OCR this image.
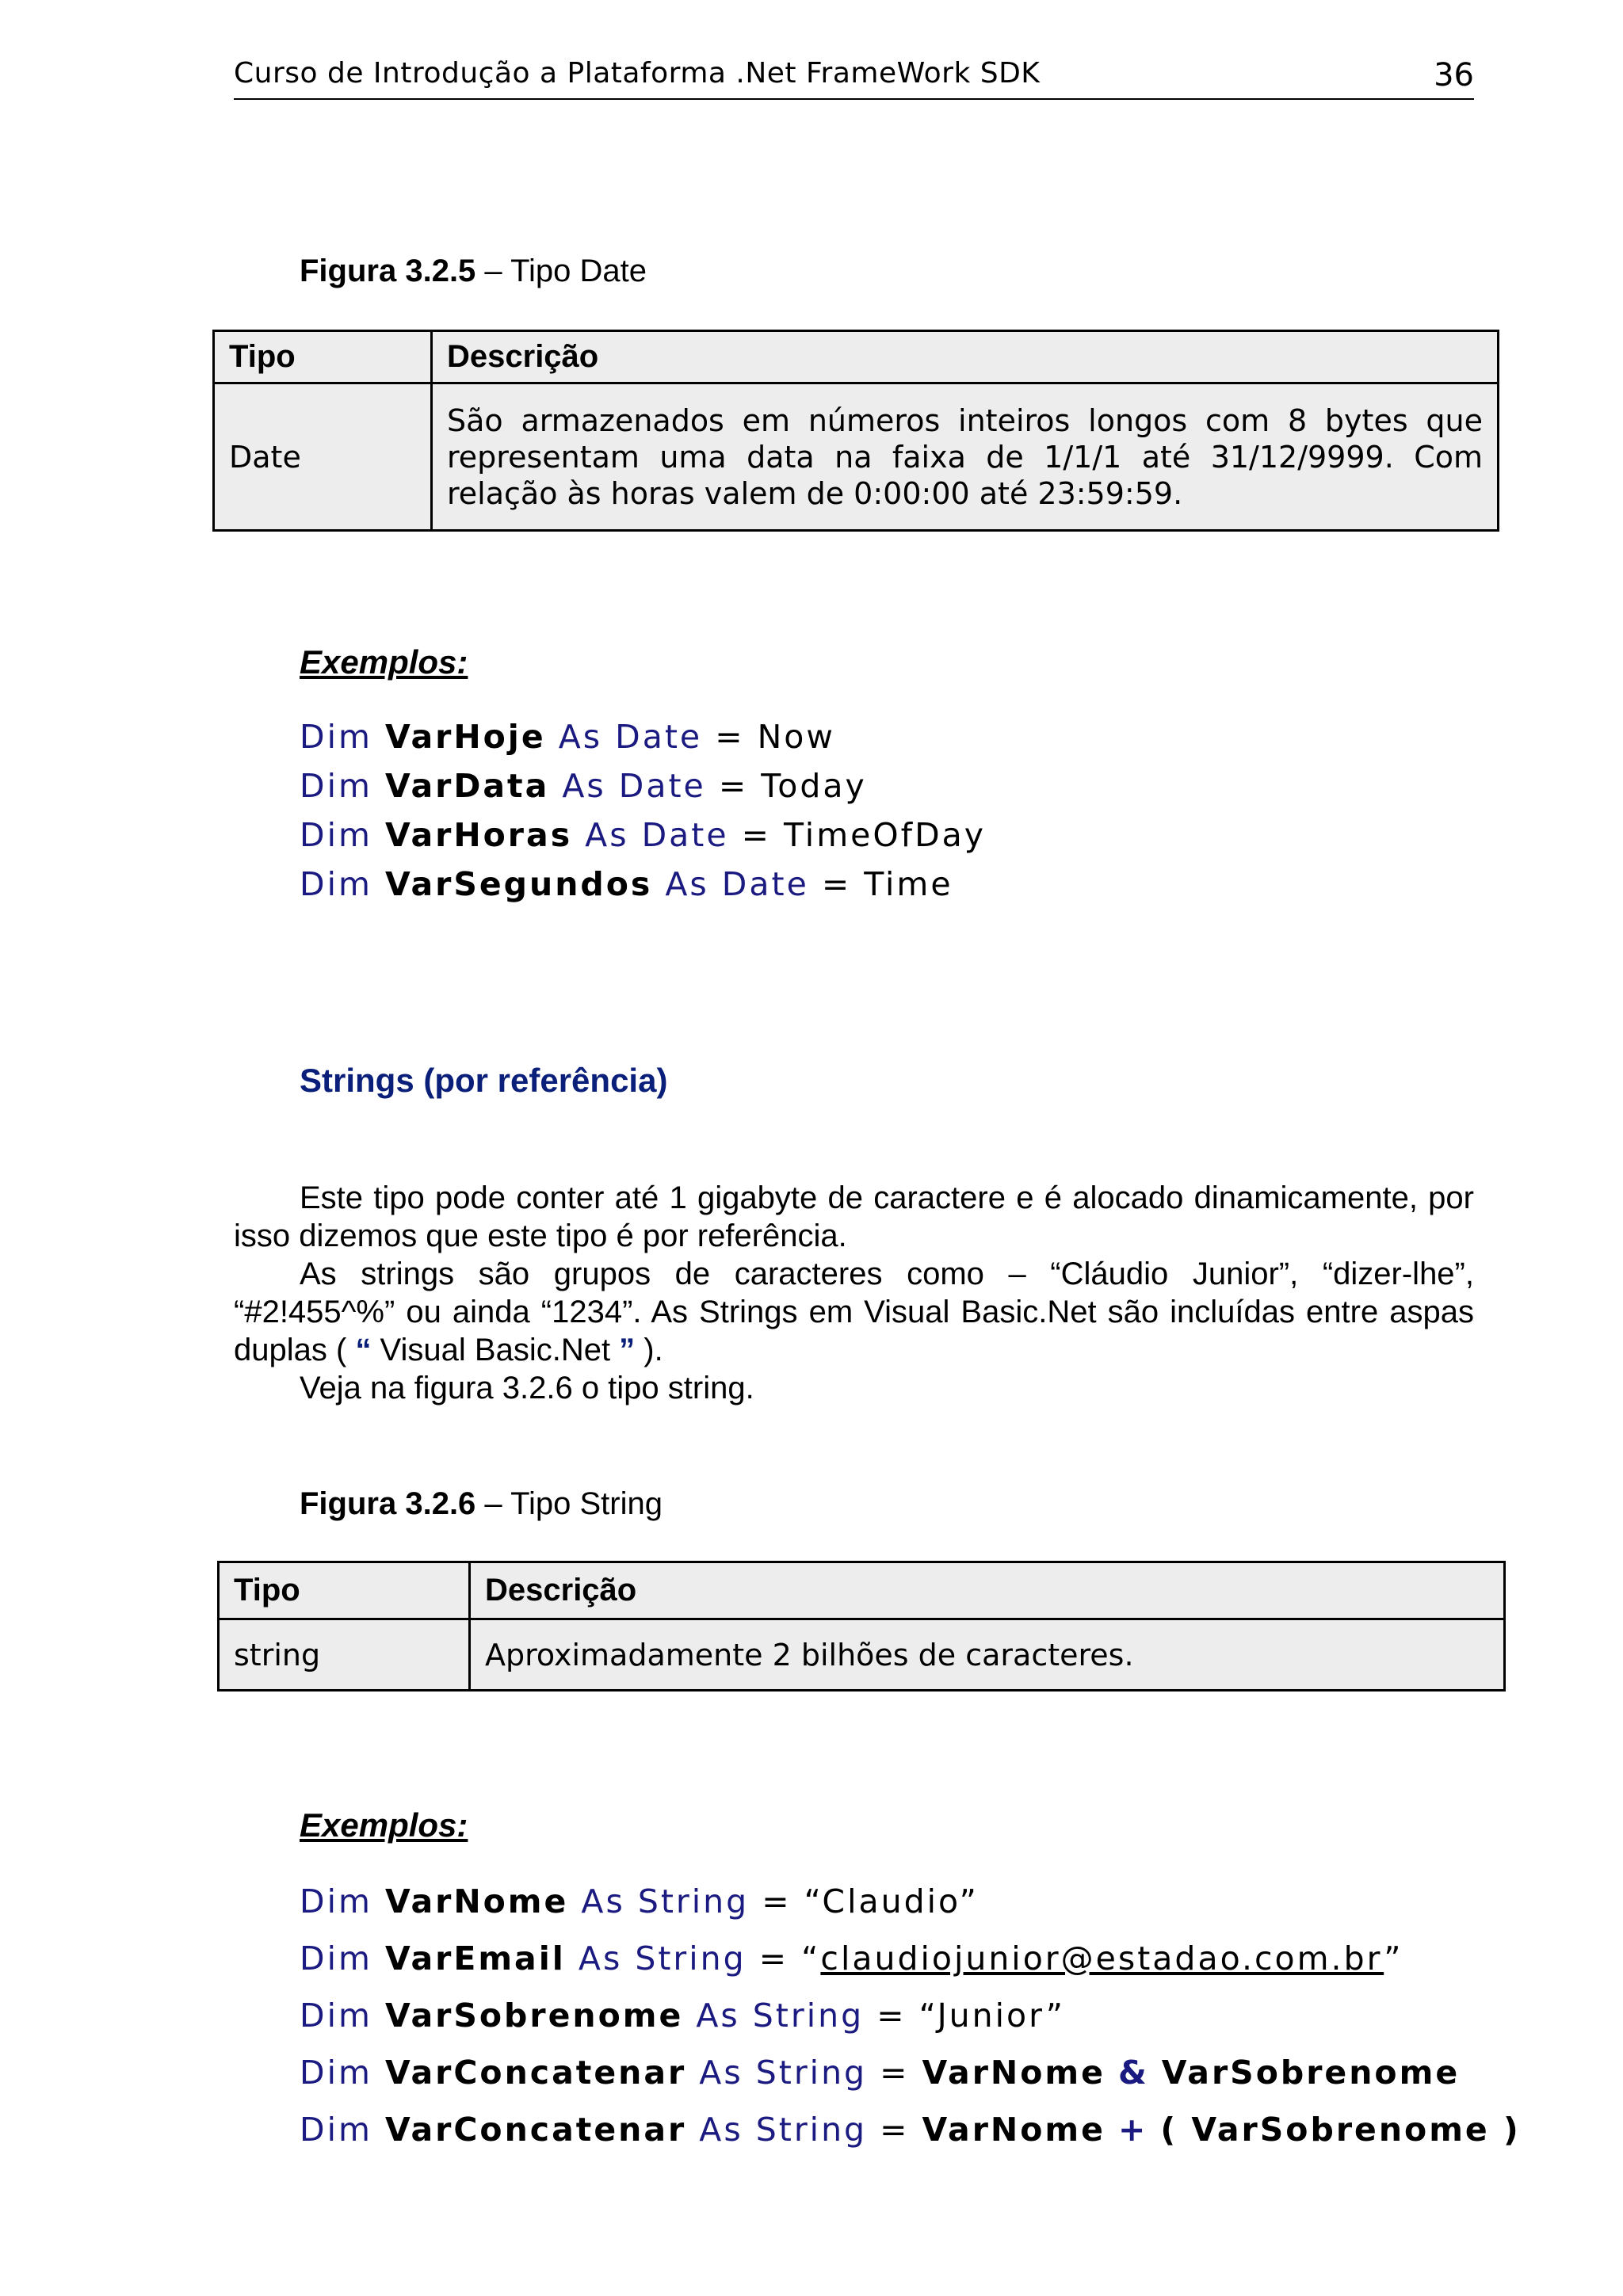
Curso de Introdução a Plataforma .Net FrameWork SDK	36
Figura 3.2.5 – Tipo Date
Tipo	Descrição
Date	São armazenados em números inteiros longos com 8 bytes que representam uma data na faixa de 1/1/1 até 31/12/9999. Com relação às horas valem de 0:00:00 até 23:59:59.
Exemplos:
Dim VarHoje As Date = Now
Dim VarData As Date = Today
Dim VarHoras As Date = TimeOfDay
Dim VarSegundos As Date = Time
Strings (por referência)
Este tipo pode conter até 1 gigabyte de caractere e é alocado dinamicamente, por isso dizemos que este tipo é por referência.
As strings são grupos de caracteres como – “Cláudio Junior”, “dizer-lhe”, “#2!455^%” ou ainda “1234”. As Strings em Visual Basic.Net são incluídas entre aspas duplas ( “ Visual Basic.Net ” ).
Veja na figura 3.2.6 o tipo string.
Figura 3.2.6 – Tipo String
Tipo	Descrição
string	Aproximadamente 2 bilhões de caracteres.
Exemplos:
Dim VarNome As String = “Claudio”
Dim VarEmail As String = “claudiojunior@estadao.com.br”
Dim VarSobrenome As String = “Junior”
Dim VarConcatenar As String = VarNome & VarSobrenome
Dim VarConcatenar As String = VarNome + ( VarSobrenome )
